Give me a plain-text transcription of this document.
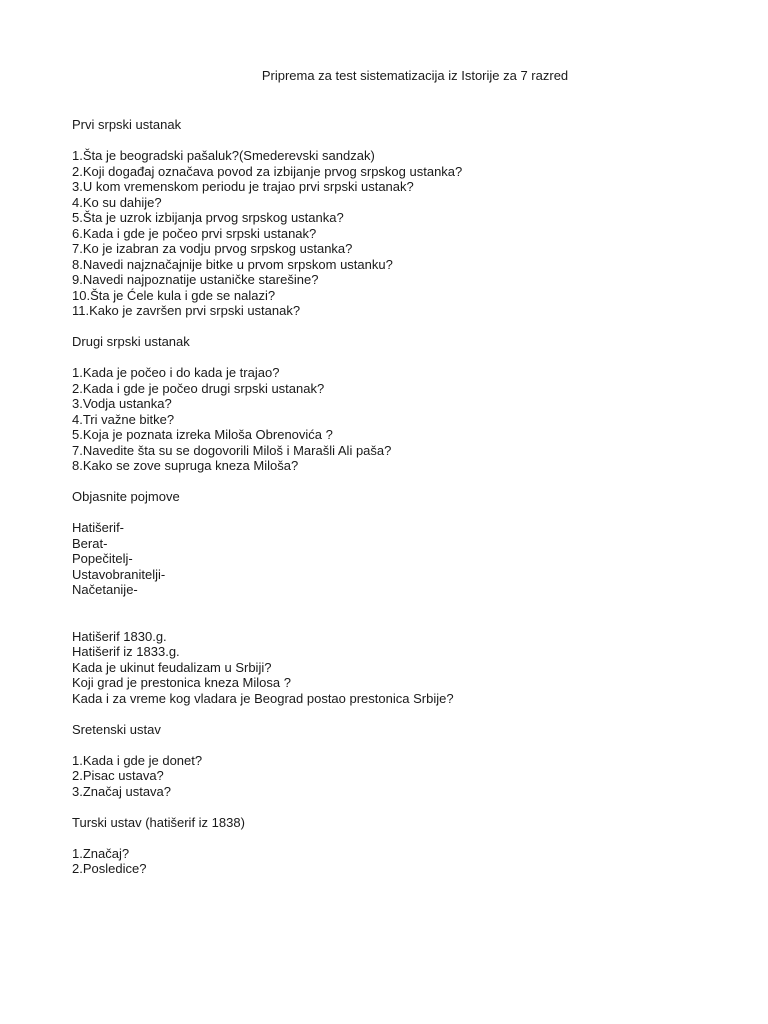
Priprema za test sistematizacija iz Istorije za 7 razred
Prvi srpski ustanak
1.Šta je beogradski pašaluk?(Smederevski sandzak)
2.Koji događaj označava povod za izbijanje prvog srpskog ustanka?
3.U kom vremenskom periodu je trajao prvi srpski ustanak?
4.Ko su dahije?
5.Šta je uzrok izbijanja prvog srpskog ustanka?
6.Kada i gde je počeo prvi srpski ustanak?
7.Ko je izabran za vodju prvog srpskog ustanka?
8.Navedi najznačajnije bitke u prvom srpskom ustanku?
9.Navedi najpoznatije ustaničke starešine?
10.Šta je Ćele kula i gde se nalazi?
11.Kako je završen prvi srpski ustanak?
Drugi srpski ustanak
1.Kada je počeo i do kada je trajao?
2.Kada i gde je počeo drugi srpski ustanak?
3.Vodja ustanka?
4.Tri važne bitke?
5.Koja je poznata izreka Miloša Obrenovića ?
7.Navedite šta su se dogovorili Miloš i Marašli Ali paša?
8.Kako se zove supruga kneza Miloša?
Objasnite pojmove
Hatišerif-
Berat-
Popečitelj-
Ustavobranitelji-
Načetanije-
Hatišerif 1830.g.
Hatišerif iz 1833.g.
Kada je ukinut feudalizam u Srbiji?
Koji grad je prestonica kneza Milosa ?
Kada i za vreme kog vladara je Beograd postao prestonica Srbije?
Sretenski ustav
1.Kada i gde je donet?
2.Pisac ustava?
3.Značaj ustava?
Turski ustav (hatišerif iz 1838)
1.Značaj?
2.Posledice?
